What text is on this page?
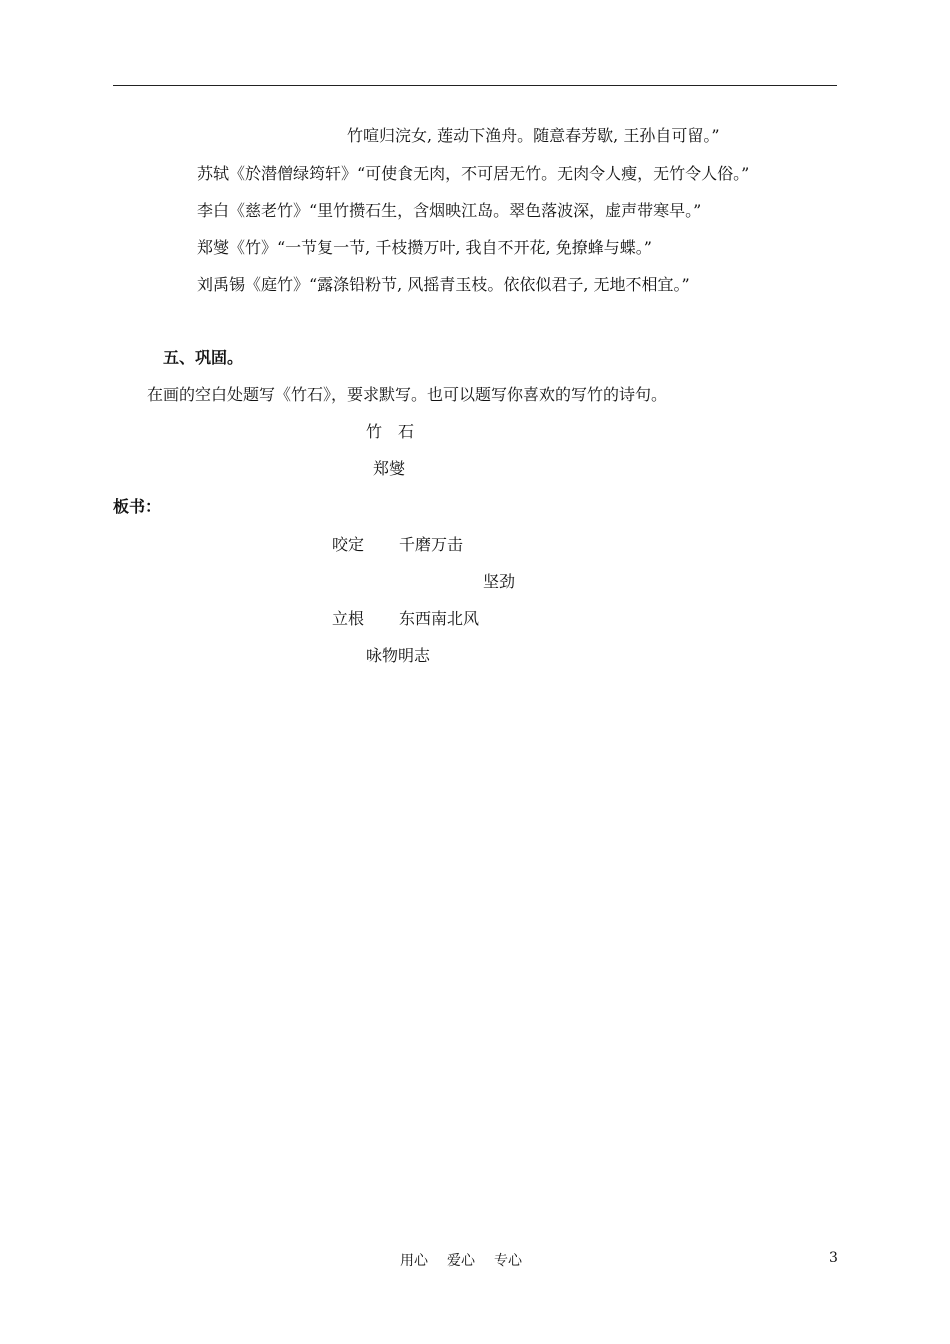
竹喧归浣女, 莲动下渔舟。随意春芳歇, 王孙自可留。”
苏轼《於潜僧绿筠轩》“可使食无肉，不可居无竹。无肉令人瘦，无竹令人俗。”
李白《慈老竹》“里竹攒石生，含烟映江岛。翠色落波深，虚声带寒早。”
郑燮《竹》“一节复一节, 千枝攒万叶, 我自不开花, 免撩蜂与蝶。”
刘禹锡《庭竹》“露涤铅粉节, 风摇青玉枝。依依似君子, 无地不相宜。”
五、巩固。
在画的空白处题写《竹石》，要求默写。也可以题写你喜欢的写竹的诗句。
竹　石
郑燮
板书：
咬定 千磨万击
坚劲
立根 东西南北风
咏物明志
用心 爱心 专心	3
